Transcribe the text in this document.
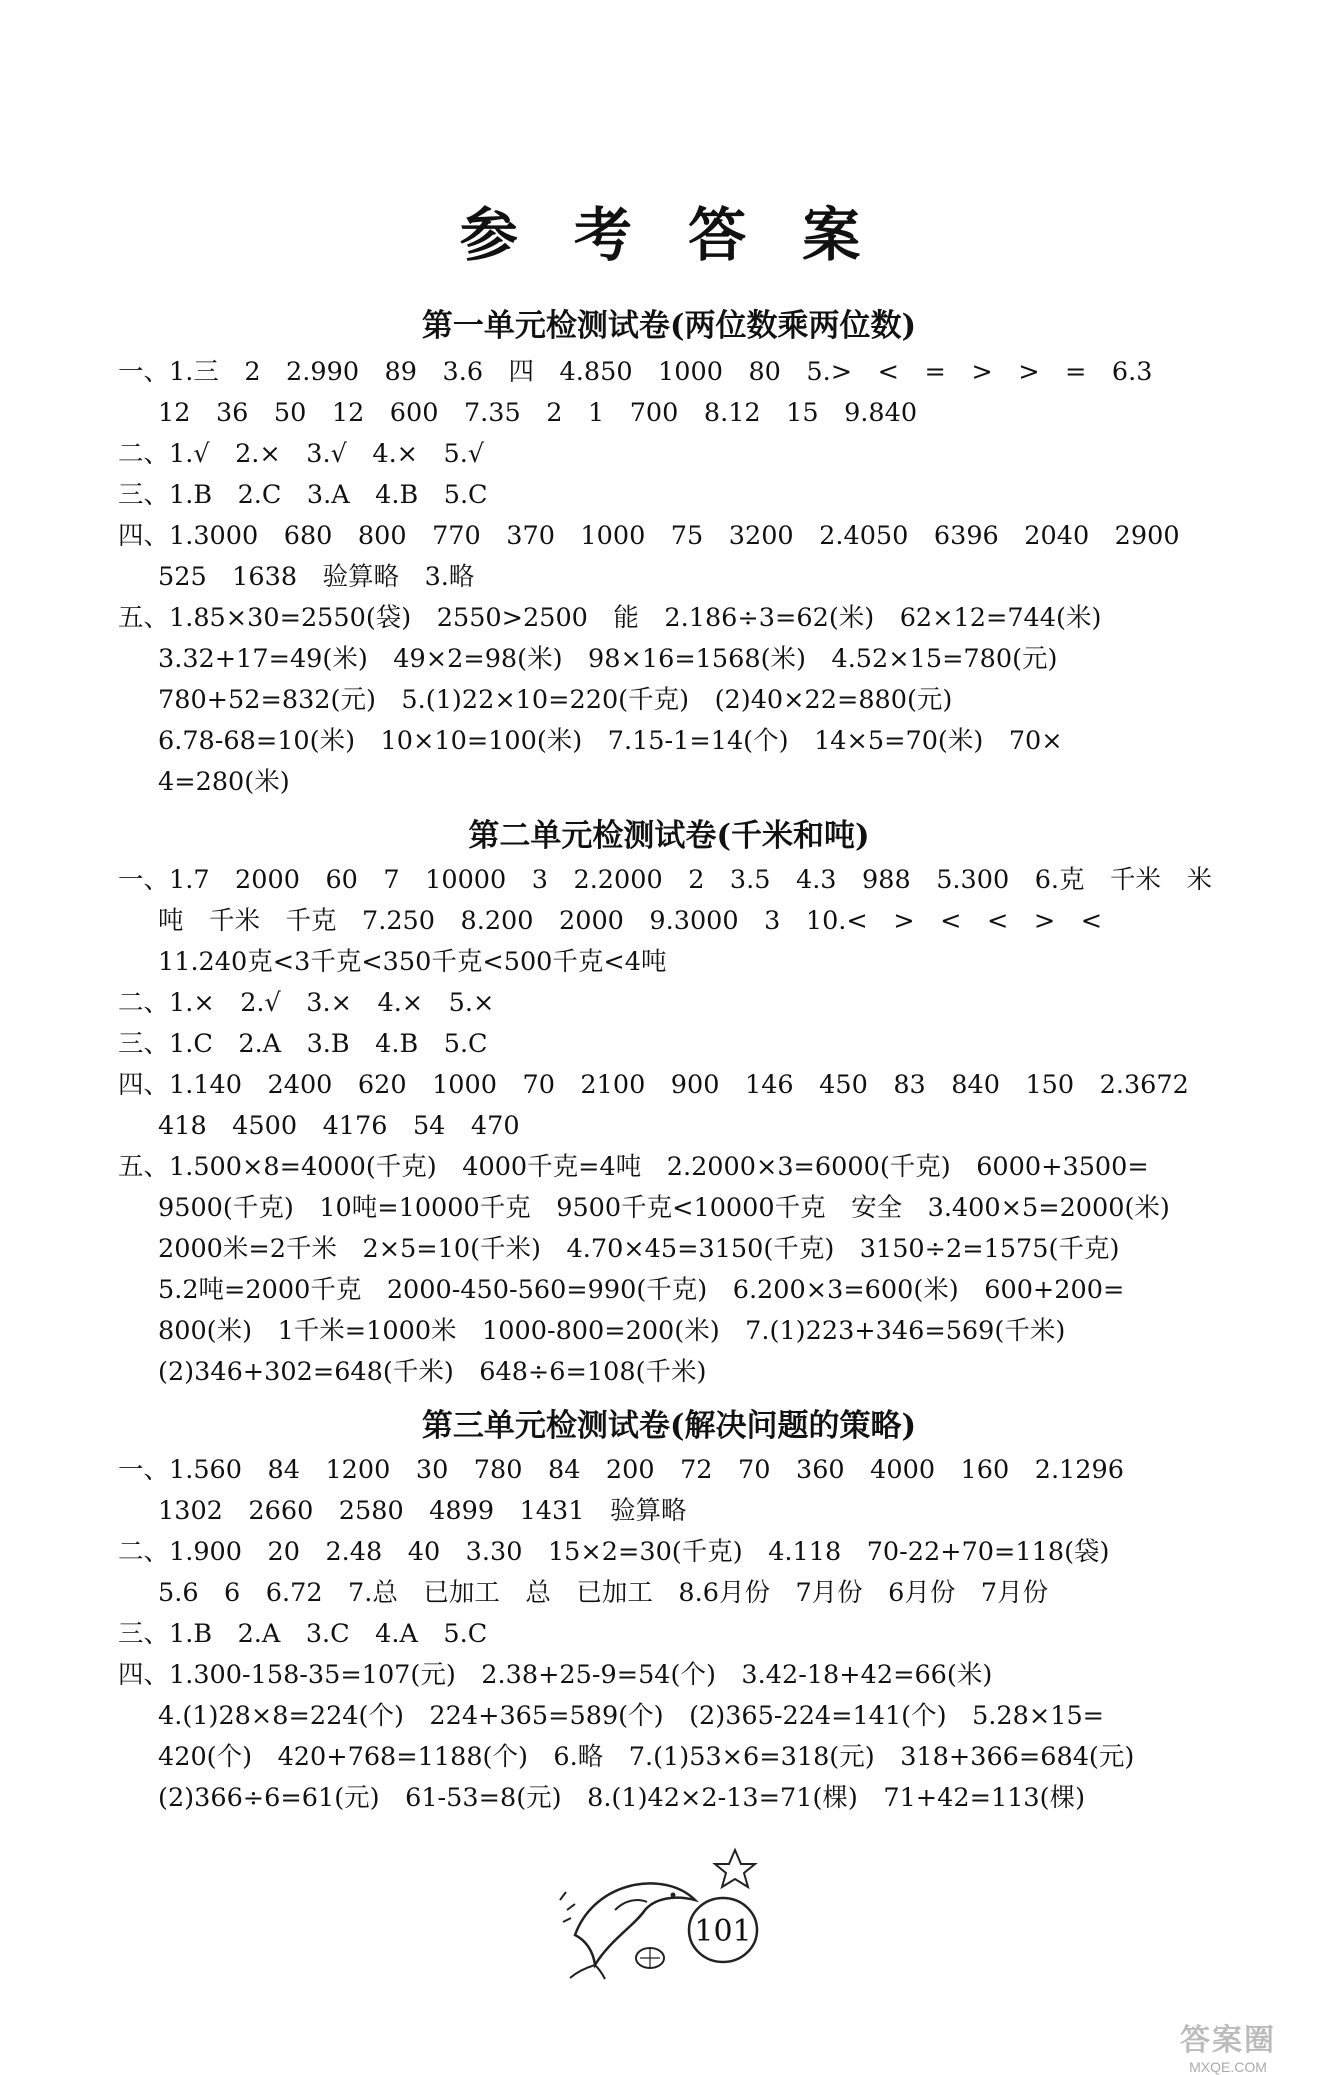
参 考 答 案
第一单元检测试卷(两位数乘两位数)
一、1.三　2　2.990　89　3.6　四　4.850　1000　80　5.>　<　=　>　>　=　6.3
12　36　50　12　600　7.35　2　1　700　8.12　15　9.840
二、1.√　2.×　3.√　4.×　5.√
三、1.B　2.C　3.A　4.B　5.C
四、1.3000　680　800　770　370　1000　75　3200　2.4050　6396　2040　2900
525　1638　验算略　3.略
五、1.85×30=2550(袋)　2550>2500　能　2.186÷3=62(米)　62×12=744(米)
3.32+17=49(米)　49×2=98(米)　98×16=1568(米)　4.52×15=780(元)
780+52=832(元)　5.(1)22×10=220(千克)　(2)40×22=880(元)
6.78-68=10(米)　10×10=100(米)　7.15-1=14(个)　14×5=70(米)　70×
4=280(米)
第二单元检测试卷(千米和吨)
一、1.7　2000　60　7　10000　3　2.2000　2　3.5　4.3　988　5.300　6.克　千米　米
吨　千米　千克　7.250　8.200　2000　9.3000　3　10.<　>　<　<　>　<
11.240克<3千克<350千克<500千克<4吨
二、1.×　2.√　3.×　4.×　5.×
三、1.C　2.A　3.B　4.B　5.C
四、1.140　2400　620　1000　70　2100　900　146　450　83　840　150　2.3672
418　4500　4176　54　470
五、1.500×8=4000(千克)　4000千克=4吨　2.2000×3=6000(千克)　6000+3500=
9500(千克)　10吨=10000千克　9500千克<10000千克　安全　3.400×5=2000(米)
2000米=2千米　2×5=10(千米)　4.70×45=3150(千克)　3150÷2=1575(千克)
5.2吨=2000千克　2000-450-560=990(千克)　6.200×3=600(米)　600+200=
800(米)　1千米=1000米　1000-800=200(米)　7.(1)223+346=569(千米)
(2)346+302=648(千米)　648÷6=108(千米)
第三单元检测试卷(解决问题的策略)
一、1.560　84　1200　30　780　84　200　72　70　360　4000　160　2.1296
1302　2660　2580　4899　1431　验算略
二、1.900　20　2.48　40　3.30　15×2=30(千克)　4.118　70-22+70=118(袋)
5.6　6　6.72　7.总　已加工　总　已加工　8.6月份　7月份　6月份　7月份
三、1.B　2.A　3.C　4.A　5.C
四、1.300-158-35=107(元)　2.38+25-9=54(个)　3.42-18+42=66(米)
4.(1)28×8=224(个)　224+365=589(个)　(2)365-224=141(个)　5.28×15=
420(个)　420+768=1188(个)　6.略　7.(1)53×6=318(元)　318+366=684(元)
(2)366÷6=61(元)　61-53=8(元)　8.(1)42×2-13=71(棵)　71+42=113(棵)
101
答案圈
MXQE.COM
